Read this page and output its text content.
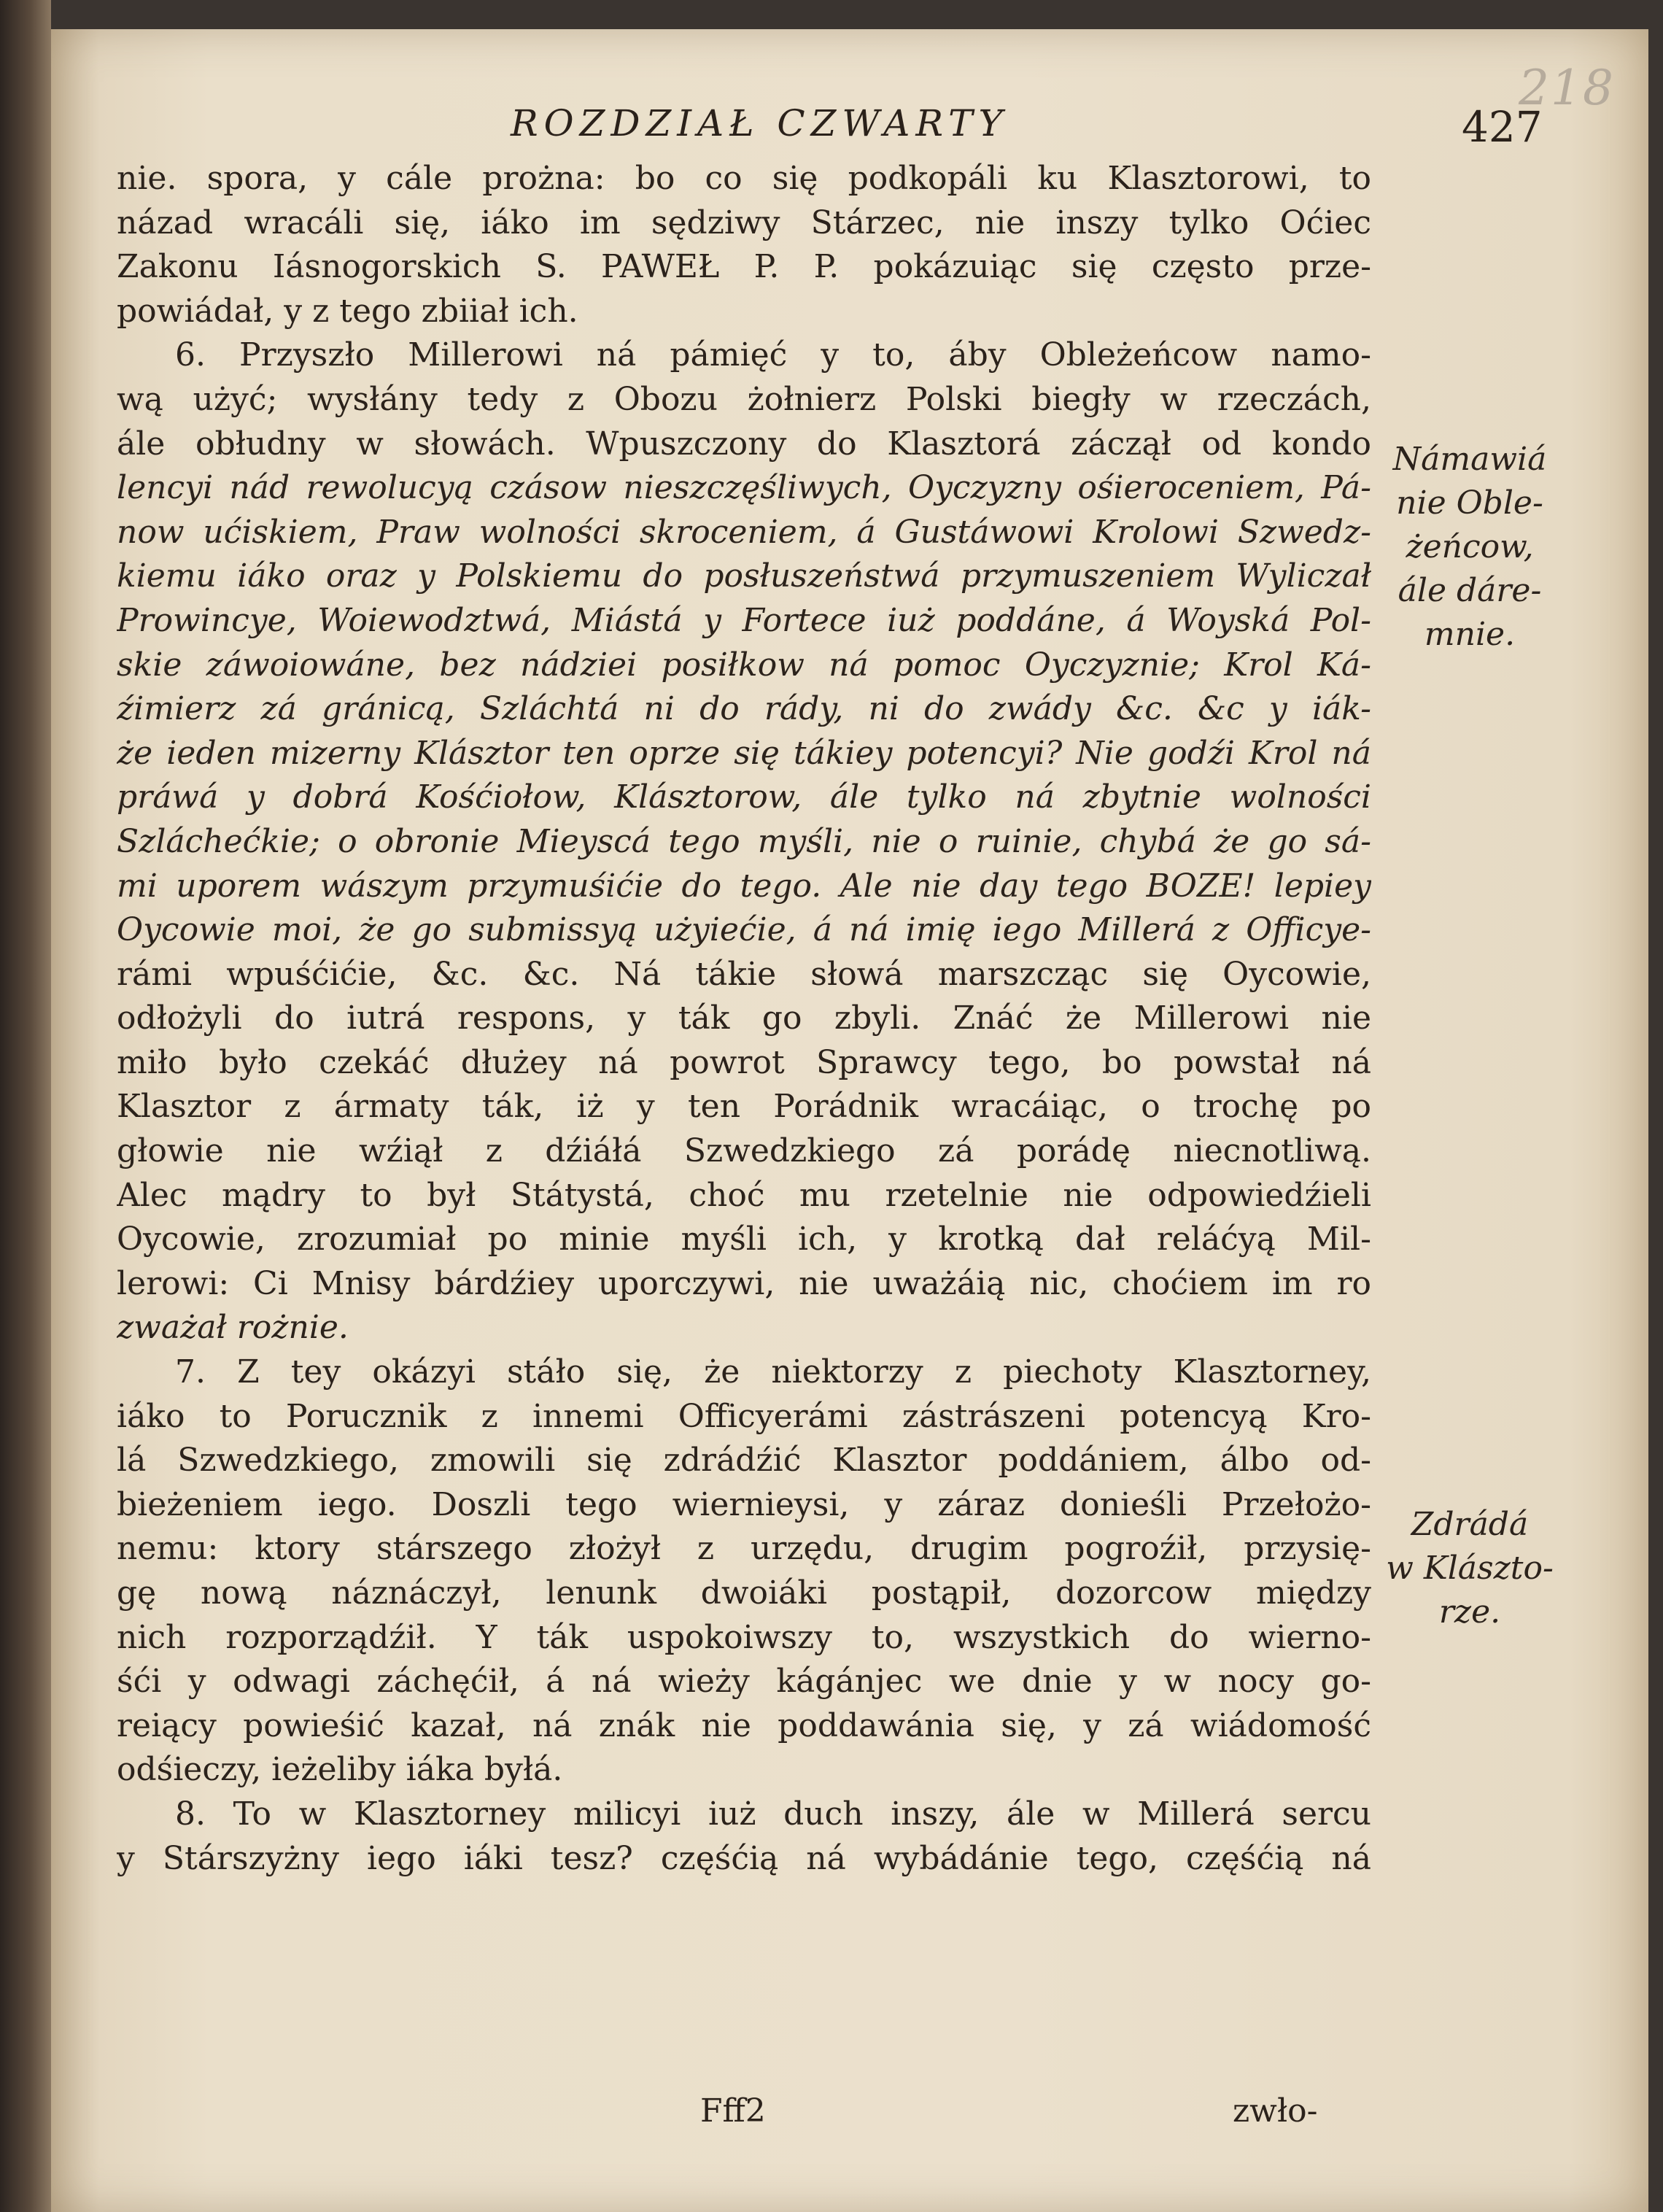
218
ROZDZIAŁ CZWARTY	427
nie. spora, y cále prożna: bo co się podkopáli ku Klasztorowi, to
názad wracáli się, iáko im sędziwy Stárzec, nie inszy tylko Oćiec
Zakonu Iásnogorskich S. PAWEŁ P. P. pokázuiąc się często prze-
powiádał, y z tego zbiiał ich.
6. Przyszło Millerowi ná pámięć y to, áby Obleżeńcow namo-
wą użyć; wysłány tedy z Obozu żołnierz Polski biegły w rzeczách,
ále obłudny w słowách. Wpuszczony do Klasztorá záczął od kondo
lencyi nád rewolucyą czásow nieszczęśliwych, Oyczyzny ośieroceniem, Pá-
now ućiskiem, Praw wolności skroceniem, á Gustáwowi Krolowi Szwedz-
kiemu iáko oraz y Polskiemu do posłuszeństwá przymuszeniem Wyliczał
Prowincye, Woiewodztwá, Miástá y Fortece iuż poddáne, á Woyská Pol-
skie záwoiowáne, bez nádziei posiłkow ná pomoc Oyczyznie; Krol Ká-
źimierz zá gránicą, Szláchtá ni do rády, ni do zwády &c. &c y iák-
że ieden mizerny Klásztor ten oprze się tákiey potencyi? Nie godźi Krol ná
práwá y dobrá Kośćiołow, Klásztorow, ále tylko ná zbytnie wolności
Szláchećkie; o obronie Mieyscá tego myśli, nie o ruinie, chybá że go sá-
mi uporem wászym przymuśićie do tego. Ale nie day tego BOZE! lepiey
Oycowie moi, że go submissyą użyiećie, á ná imię iego Millerá z Officye-
rámi wpuśćićie, &c. &c. Ná tákie słowá marszcząc się Oycowie,
odłożyli do iutrá respons, y ták go zbyli. Znáć że Millerowi nie
miło było czekáć dłużey ná powrot Sprawcy tego, bo powstał ná
Klasztor z ármaty ták, iż y ten Porádnik wracáiąc, o trochę po
głowie nie wźiął z dźiáłá Szwedzkiego zá porádę niecnotliwą.
Alec mądry to był Státystá, choć mu rzetelnie nie odpowiedźieli
Oycowie, zrozumiał po minie myśli ich, y krotką dał reláćyą Mil-
lerowi: Ci Mnisy bárdźiey uporczywi, nie uważáią nic, choćiem im ro
zważał rożnie.
7. Z tey okázyi stáło się, że niektorzy z piechoty Klasztorney,
iáko to Porucznik z innemi Officyerámi zástrászeni potencyą Kro-
lá Szwedzkiego, zmowili się zdrádźić Klasztor poddániem, álbo od-
bieżeniem iego. Doszli tego wiernieysi, y záraz donieśli Przełożo-
nemu: ktory stárszego złożył z urzędu, drugim pogroźił, przysię-
gę nową náznáczył, lenunk dwoiáki postąpił, dozorcow między
nich rozporządźił. Y ták uspokoiwszy to, wszystkich do wierno-
śći y odwagi záchęćił, á ná wieży kágánjec we dnie y w nocy go-
reiący powieśić kazał, ná znák nie poddawánia się, y zá wiádomość
odśieczy, ieżeliby iáka byłá.
8. To w Klasztorney milicyi iuż duch inszy, ále w Millerá sercu
y Stárszyżny iego iáki tesz? częśćią ná wybádánie tego, częśćią ná
Námawiá
nie Oble-
żeńcow,
ále dáre-
mnie.
Zdrádá
w Klászto-
rze.
Fff2	zwło-
